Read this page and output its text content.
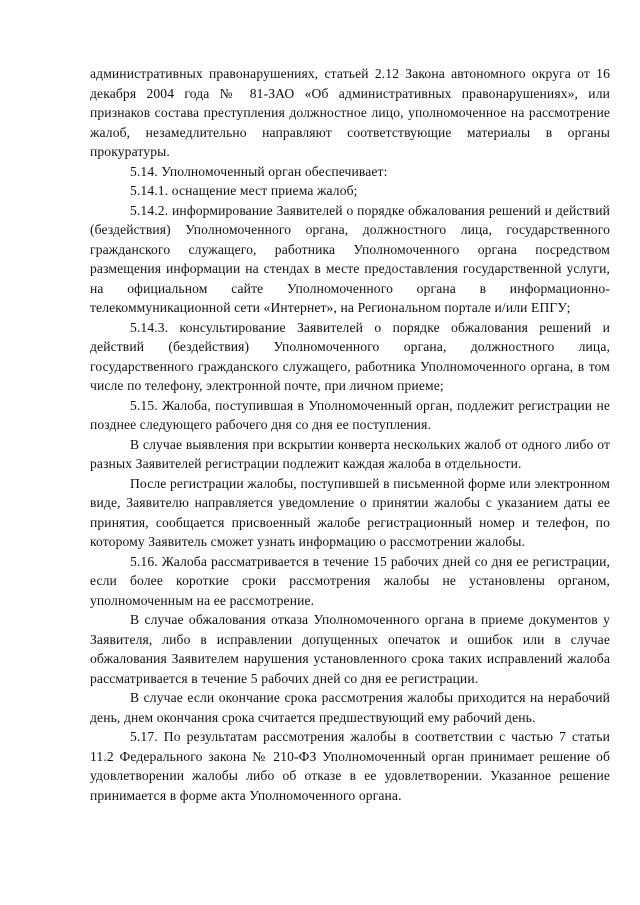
административных правонарушениях, статьей 2.12 Закона автономного округа от 16 декабря 2004 года № 81-ЗАО «Об административных правонарушениях», или признаков состава преступления должностное лицо, уполномоченное на рассмотрение жалоб, незамедлительно направляют соответствующие материалы в органы прокуратуры.

5.14. Уполномоченный орган обеспечивает:

5.14.1. оснащение мест приема жалоб;

5.14.2. информирование Заявителей о порядке обжалования решений и действий (бездействия) Уполномоченного органа, должностного лица, государственного гражданского служащего, работника Уполномоченного органа посредством размещения информации на стендах в месте предоставления государственной услуги, на официальном сайте Уполномоченного органа в информационно-телекоммуникационной сети «Интернет», на Региональном портале и/или ЕПГУ;

5.14.3. консультирование Заявителей о порядке обжалования решений и действий (бездействия) Уполномоченного органа, должностного лица, государственного гражданского служащего, работника Уполномоченного органа, в том числе по телефону, электронной почте, при личном приеме;

5.15. Жалоба, поступившая в Уполномоченный орган, подлежит регистрации не позднее следующего рабочего дня со дня ее поступления.

В случае выявления при вскрытии конверта нескольких жалоб от одного либо от разных Заявителей регистрации подлежит каждая жалоба в отдельности.

После регистрации жалобы, поступившей в письменной форме или электронном виде, Заявителю направляется уведомление о принятии жалобы с указанием даты ее принятия, сообщается присвоенный жалобе регистрационный номер и телефон, по которому Заявитель сможет узнать информацию о рассмотрении жалобы.

5.16. Жалоба рассматривается в течение 15 рабочих дней со дня ее регистрации, если более короткие сроки рассмотрения жалобы не установлены органом, уполномоченным на ее рассмотрение.

В случае обжалования отказа Уполномоченного органа в приеме документов у Заявителя, либо в исправлении допущенных опечаток и ошибок или в случае обжалования Заявителем нарушения установленного срока таких исправлений жалоба рассматривается в течение 5 рабочих дней со дня ее регистрации.

В случае если окончание срока рассмотрения жалобы приходится на нерабочий день, днем окончания срока считается предшествующий ему рабочий день.

5.17. По результатам рассмотрения жалобы в соответствии с частью 7 статьи 11.2 Федерального закона № 210-ФЗ Уполномоченный орган принимает решение об удовлетворении жалобы либо об отказе в ее удовлетворении. Указанное решение принимается в форме акта Уполномоченного органа.
